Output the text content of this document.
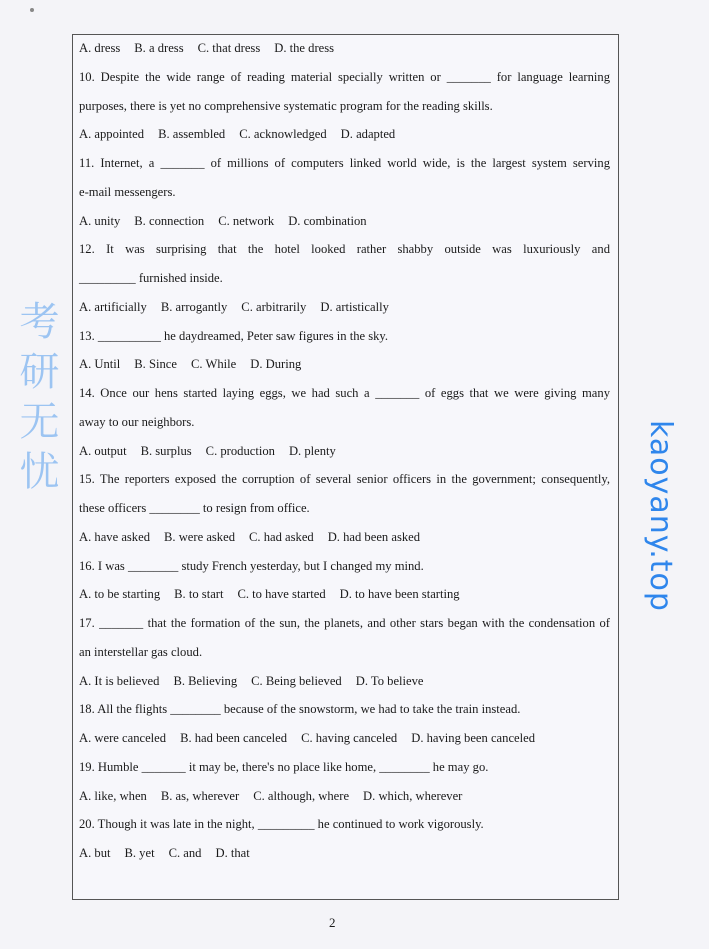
A. dress B. a dress C. that dress D. the dress
10. Despite the wide range of reading material specially written or _______ for language learning
purposes, there is yet no comprehensive systematic program for the reading skills.
A. appointed B. assembled C. acknowledged D. adapted
11. Internet, a _______ of millions of computers linked world wide, is the largest system serving
e-mail messengers.
A. unity B. connection C. network D. combination
12. It was surprising that the hotel looked rather shabby outside was luxuriously and
_________ furnished inside.
A. artificially B. arrogantly C. arbitrarily D. artistically
13. __________ he daydreamed, Peter saw figures in the sky.
A. Until B. Since C. While D. During
14. Once our hens started laying eggs, we had such a _______ of eggs that we were giving many
away to our neighbors.
A. output B. surplus C. production D. plenty
15. The reporters exposed the corruption of several senior officers in the government; consequently,
these officers ________ to resign from office.
A. have asked B. were asked C. had asked D. had been asked
16. I was ________ study French yesterday, but I changed my mind.
A. to be starting B. to start C. to have started D. to have been starting
17. _______ that the formation of the sun, the planets, and other stars began with the condensation of
an interstellar gas cloud.
A. It is believed B. Believing C. Being believed D. To believe
18. All the flights ________ because of the snowstorm, we had to take the train instead.
A. were canceled B. had been canceled C. having canceled D. having been canceled
19. Humble _______ it may be, there's no place like home, ________ he may go.
A. like, when B. as, wherever C. although, where D. which, wherever
20. Though it was late in the night, _________ he continued to work vigorously.
A. but B. yet C. and D. that
考研无忧
kaoyany.top
2
